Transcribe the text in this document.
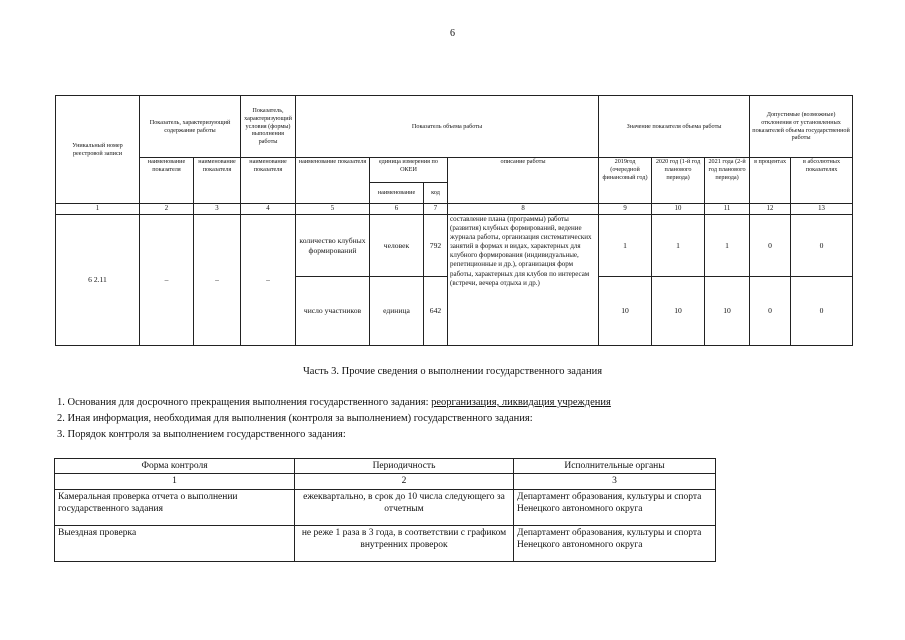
6
Уникальный номер реестровой записи	Показатель, характеризующий содержание работы		Показатель, характеризующий условия (формы) выполнения работы	Показатель объема работы				Значение показателя объема работы			Допустимые (возможные) отклонения от установленных показателей объема государственной работы	
	наименование показателя	наименование показателя	наименование показателя	наименование показателя	единица измерения по ОКЕИ		описание работы	2019год (очередной финансовый год)	2020 год (1-й год планового периода)	2021 года (2-й год планового периода)	в процентах	в абсолютных показателях
					наименование	код						
1	2	3	4	5	6	7	8	9	10	11	12	13
6 2.11	–	–	–	количество клубных формирований	человек	792	составление плана (программы) работы (развития) клубных формирований, ведение журнала работы, организация систематических занятий в формах и видах, характерных для клубного формирования (индивидуальные, репетиционные и др.), организация форм работы, характерных для клубов по интересам (встречи, вечера отдыха и др.)	1	1	1	0	0
				число участников	единица	642		10	10	10	0	0
Часть 3. Прочие сведения о выполнении государственного задания
1. Основания для досрочного прекращения выполнения государственного задания: реорганизация, ликвидация учреждения
2. Иная информация, необходимая для выполнения (контроля за выполнением) государственного задания:
3. Порядок контроля за выполнением государственного задания:
Форма контроля	Периодичность	Исполнительные органы
1	2	3
Камеральная проверка отчета о выполнении государственного задания	ежеквартально, в срок до 10 числа следующего за отчетным	Департамент образования, культуры и спорта Ненецкого автономного округа
Выездная проверка	не реже 1 раза в 3 года, в соответствии с графиком внутренних проверок	Департамент образования, культуры и спорта Ненецкого автономного округа
